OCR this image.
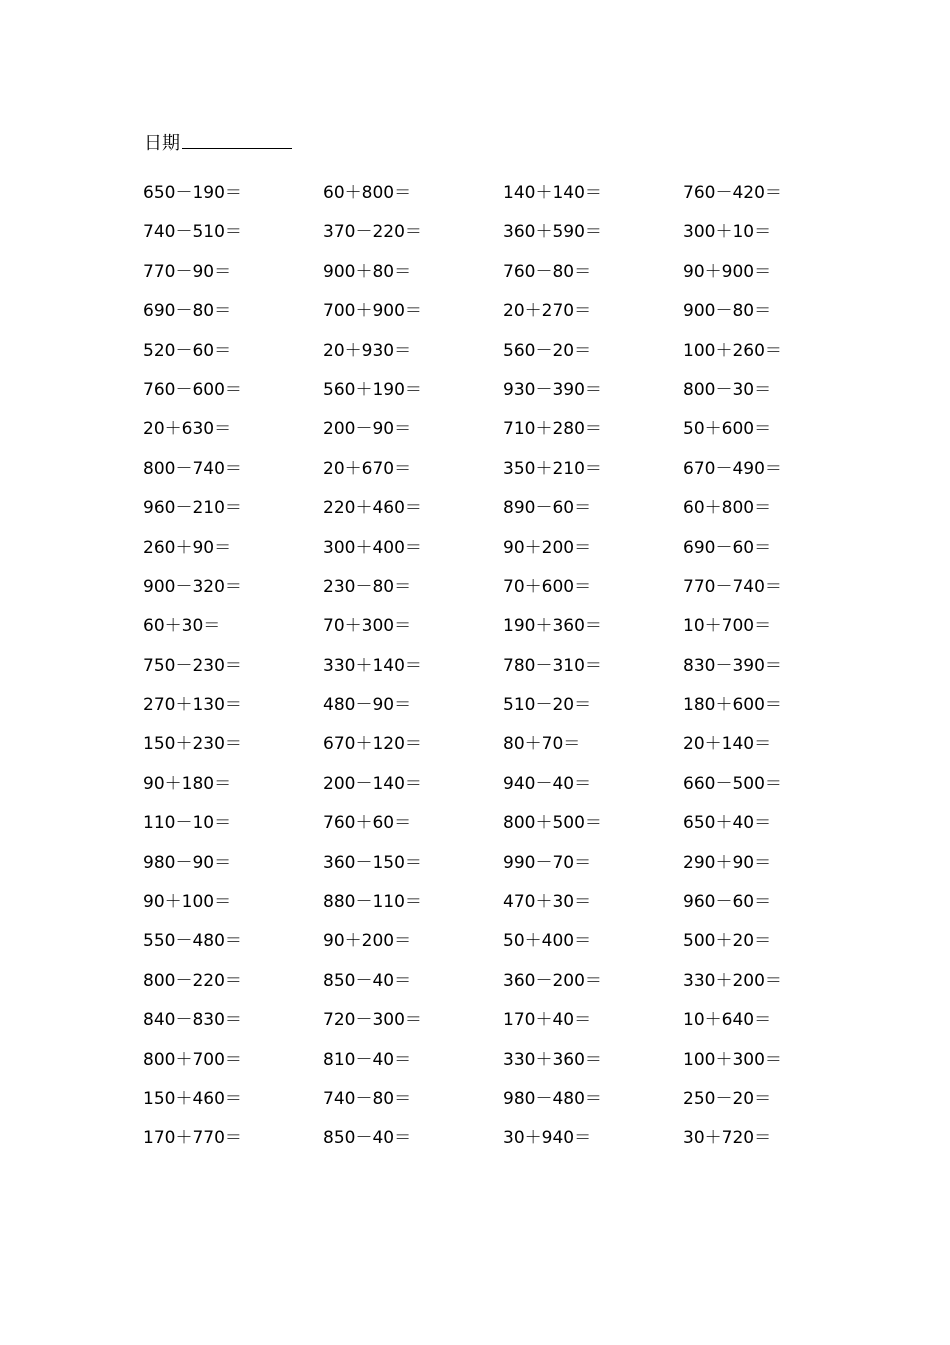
日期
650－190＝	60＋800＝	140＋140＝	760－420＝
740－510＝	370－220＝	360＋590＝	300＋10＝
770－90＝	900＋80＝	760－80＝	90＋900＝
690－80＝	700＋900＝	20＋270＝	900－80＝
520－60＝	20＋930＝	560－20＝	100＋260＝
760－600＝	560＋190＝	930－390＝	800－30＝
20＋630＝	200－90＝	710＋280＝	50＋600＝
800－740＝	20＋670＝	350＋210＝	670－490＝
960－210＝	220＋460＝	890－60＝	60＋800＝
260＋90＝	300＋400＝	90＋200＝	690－60＝
900－320＝	230－80＝	70＋600＝	770－740＝
60＋30＝	70＋300＝	190＋360＝	10＋700＝
750－230＝	330＋140＝	780－310＝	830－390＝
270＋130＝	480－90＝	510－20＝	180＋600＝
150＋230＝	670＋120＝	80＋70＝	20＋140＝
90＋180＝	200－140＝	940－40＝	660－500＝
110－10＝	760＋60＝	800＋500＝	650＋40＝
980－90＝	360－150＝	990－70＝	290＋90＝
90＋100＝	880－110＝	470＋30＝	960－60＝
550－480＝	90＋200＝	50＋400＝	500＋20＝
800－220＝	850－40＝	360－200＝	330＋200＝
840－830＝	720－300＝	170＋40＝	10＋640＝
800＋700＝	810－40＝	330＋360＝	100＋300＝
150＋460＝	740－80＝	980－480＝	250－20＝
170＋770＝	850－40＝	30＋940＝	30＋720＝
